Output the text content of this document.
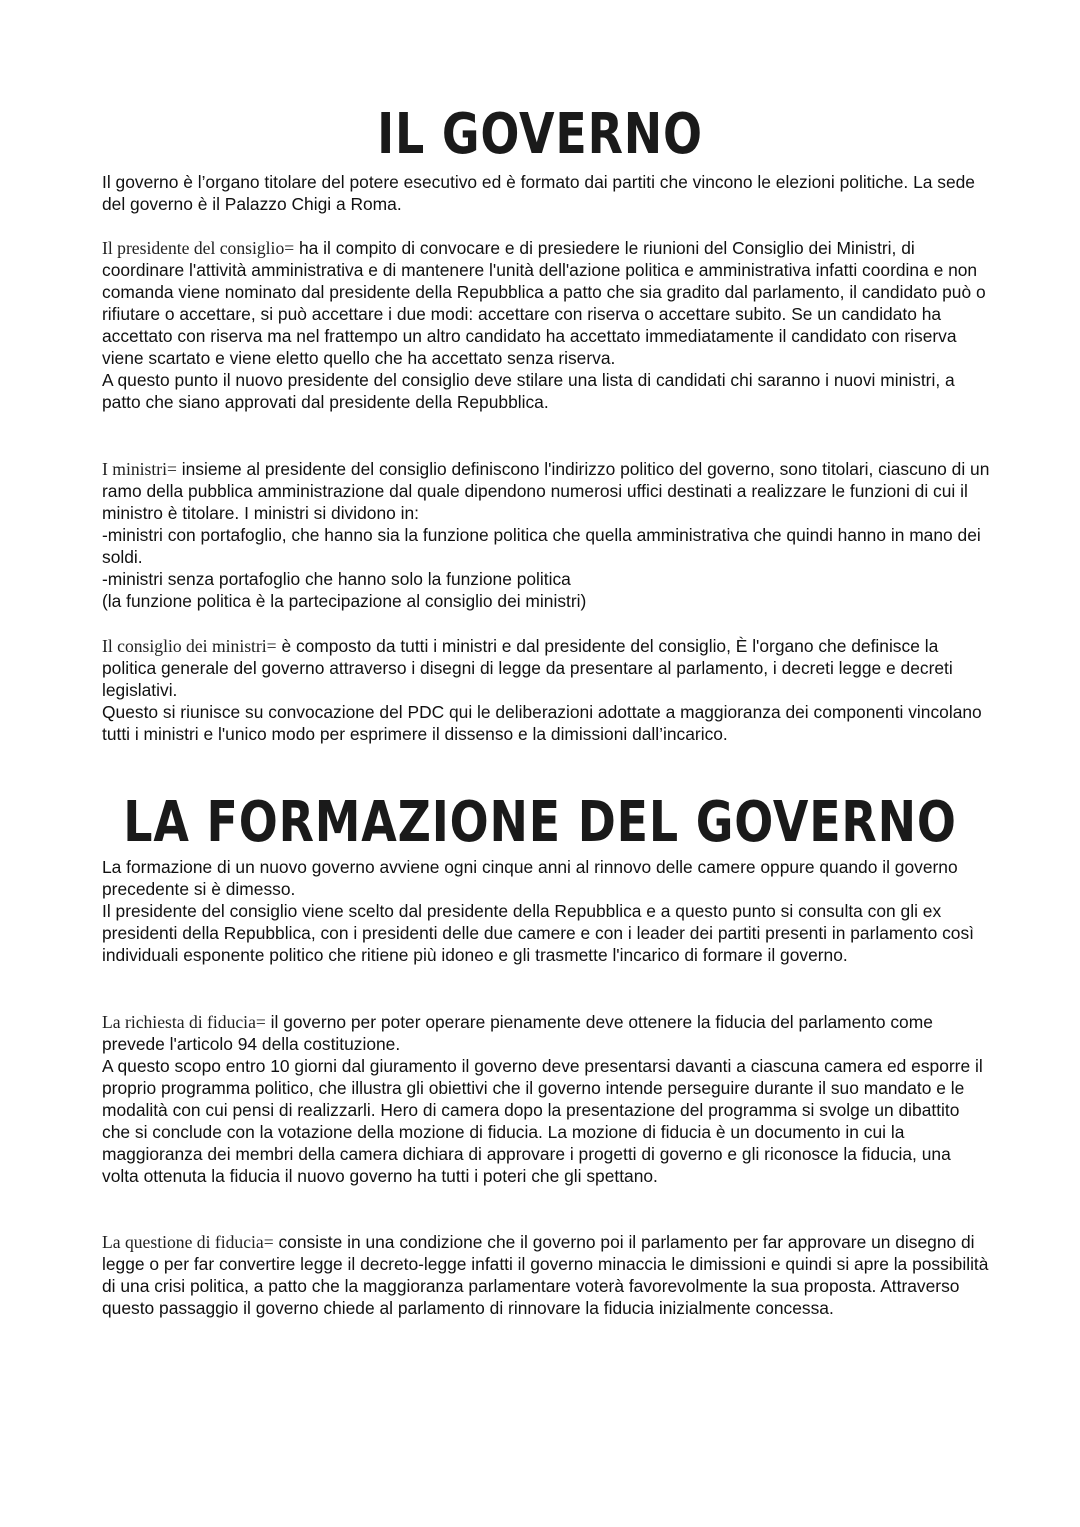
IL GOVERNO

Il governo è l’organo titolare del potere esecutivo ed è formato dai partiti che vincono le elezioni politiche. La sede del governo è il Palazzo Chigi a Roma.

Il presidente del consiglio= ha il compito di convocare e di presiedere le riunioni del Consiglio dei Ministri, di coordinare l'attività amministrativa e di mantenere l'unità dell'azione politica e amministrativa infatti coordina e non comanda viene nominato dal presidente della Repubblica a patto che sia gradito dal parlamento, il candidato può o rifiutare o accettare, si può accettare i due modi: accettare con riserva o accettare subito. Se un candidato ha accettato con riserva ma nel frattempo un altro candidato ha accettato immediatamente il candidato con riserva viene scartato e viene eletto quello che ha accettato senza riserva.

A questo punto il nuovo presidente del consiglio deve stilare una lista di candidati chi saranno i nuovi ministri, a patto che siano approvati dal presidente della Repubblica.

I ministri= insieme al presidente del consiglio definiscono l'indirizzo politico del governo, sono titolari, ciascuno di un ramo della pubblica amministrazione dal quale dipendono numerosi uffici destinati a realizzare le funzioni di cui il ministro è titolare. I ministri si dividono in:

-ministri con portafoglio, che hanno sia la funzione politica che quella amministrativa che quindi hanno in mano dei soldi.

-ministri senza portafoglio che hanno solo la funzione politica

(la funzione politica è la partecipazione al consiglio dei ministri)

Il consiglio dei ministri= è composto da tutti i ministri e dal presidente del consiglio, È l'organo che definisce la politica generale del governo attraverso i disegni di legge da presentare al parlamento, i decreti legge e decreti legislativi.

Questo si riunisce su convocazione del PDC qui le deliberazioni adottate a maggioranza dei componenti vincolano tutti i ministri e l'unico modo per esprimere il dissenso e la dimissioni dall’incarico.

LA FORMAZIONE DEL GOVERNO

La formazione di un nuovo governo avviene ogni cinque anni al rinnovo delle camere oppure quando il governo precedente si è dimesso.

Il presidente del consiglio viene scelto dal presidente della Repubblica e a questo punto si consulta con gli ex presidenti della Repubblica, con i presidenti delle due camere e con i leader dei partiti presenti in parlamento così individuali esponente politico che ritiene più idoneo e gli trasmette l'incarico di formare il governo.

La richiesta di fiducia= il governo per poter operare pienamente deve ottenere la fiducia del parlamento come prevede l'articolo 94 della costituzione.

A questo scopo entro 10 giorni dal giuramento il governo deve presentarsi davanti a ciascuna camera ed esporre il proprio programma politico, che illustra gli obiettivi che il governo intende perseguire durante il suo mandato e le modalità con cui pensi di realizzarli. Hero di camera dopo la presentazione del programma si svolge un dibattito che si conclude con la votazione della mozione di fiducia. La mozione di fiducia è un documento in cui la maggioranza dei membri della camera dichiara di approvare i progetti di governo e gli riconosce la fiducia, una volta ottenuta la fiducia il nuovo governo ha tutti i poteri che gli spettano.

La questione di fiducia= consiste in una condizione che il governo poi il parlamento per far approvare un disegno di legge o per far convertire legge il decreto-legge infatti il governo minaccia le dimissioni e quindi si apre la possibilità di una crisi politica, a patto che la maggioranza parlamentare voterà favorevolmente la sua proposta. Attraverso questo passaggio il governo chiede al parlamento di rinnovare la fiducia inizialmente concessa.
